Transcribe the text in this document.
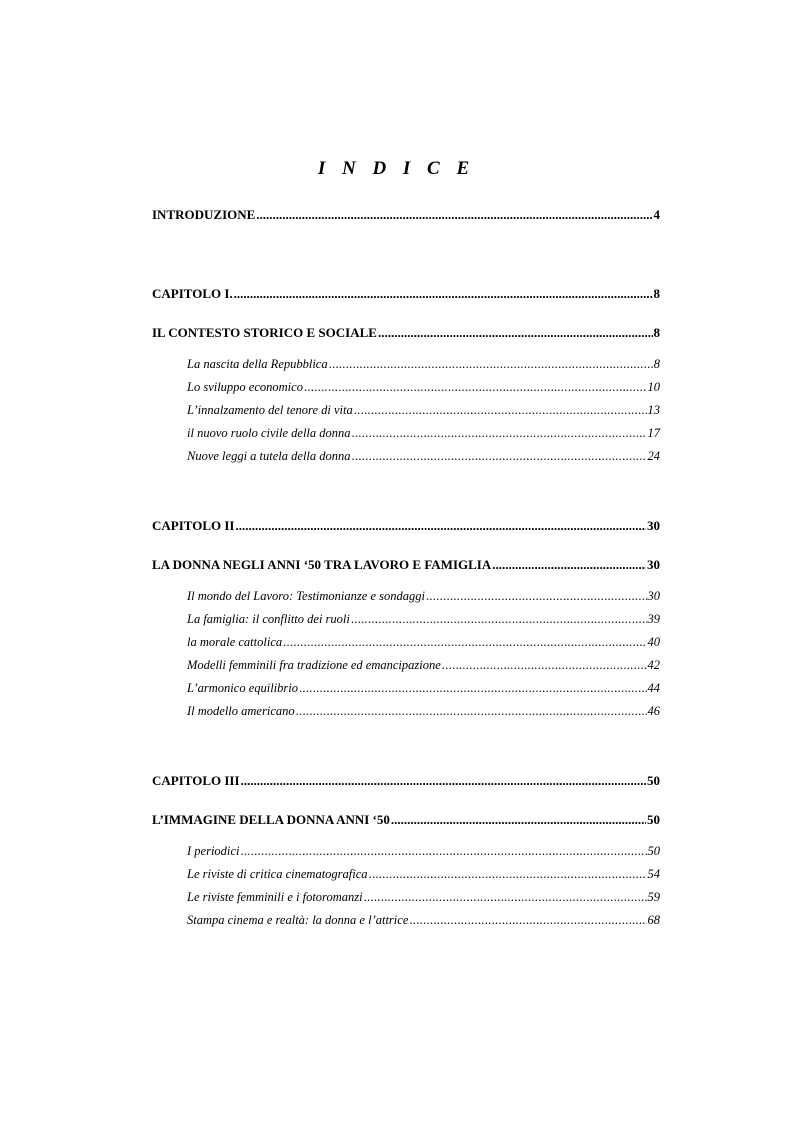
I N D I C E
INTRODUZIONE .....	4
CAPITOLO I. .....	8
IL CONTESTO STORICO E SOCIALE .....	8
La nascita della Repubblica .....	8
Lo sviluppo economico .....	10
L’innalzamento del tenore di vita .....	13
il nuovo ruolo civile della donna .....	17
Nuove leggi a tutela della donna .....	24
CAPITOLO II .....	30
LA DONNA NEGLI ANNI ‘50 TRA LAVORO E FAMIGLIA .....	30
Il mondo del Lavoro: Testimonianze e sondaggi .....	30
La famiglia: il conflitto dei ruoli .....	39
la morale cattolica .....	40
Modelli femminili fra tradizione ed emancipazione .....	42
L’armonico equilibrio .....	44
Il modello americano .....	46
CAPITOLO III .....	50
L’IMMAGINE DELLA DONNA ANNI ‘50 .....	50
I periodici .....	50
Le riviste di critica cinematografica .....	54
Le riviste femminili e i fotoromanzi .....	59
Stampa cinema e realtà: la donna e l’attrice .....	68
